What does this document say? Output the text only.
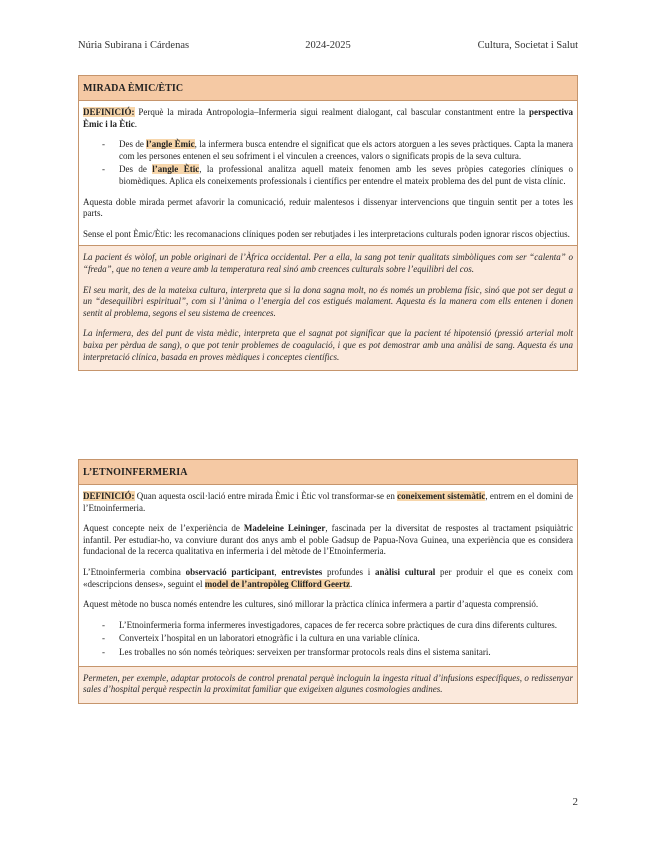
Núria Subirana i Cárdenas	2024-2025	Cultura, Societat i Salut
MIRADA ÈMIC/ÈTIC

DEFINICIÓ: Perquè la mirada Antropologia–Infermeria sigui realment dialogant, cal bascular constantment entre la perspectiva Èmic i la Ètic.

- Des de l’angle Èmic, la infermera busca entendre el significat que els actors atorguen a les seves pràctiques. Capta la manera com les persones entenen el seu sofriment i el vinculen a creences, valors o significats propis de la seva cultura.
- Des de l’angle Ètic, la professional analitza aquell mateix fenomen amb les seves pròpies categories clíniques o biomèdiques. Aplica els coneixements professionals i científics per entendre el mateix problema des del punt de vista clínic.

Aquesta doble mirada permet afavorir la comunicació, reduir malentesos i dissenyar intervencions que tinguin sentit per a totes les parts.

Sense el pont Èmic/Ètic: les recomanacions clíniques poden ser rebutjades i les interpretacions culturals poden ignorar riscos objectius.

La pacient és wòlof, un poble originari de l’Àfrica occidental. Per a ella, la sang pot tenir qualitats simbòliques com ser “calenta” o “freda”, que no tenen a veure amb la temperatura real sinó amb creences culturals sobre l’equilibri del cos.

El seu marit, des de la mateixa cultura, interpreta que si la dona sagna molt, no és només un problema físic, sinó que pot ser degut a un “desequilibri espiritual”, com si l’ànima o l’energia del cos estigués malament. Aquesta és la manera com ells entenen i donen sentit al problema, segons el seu sistema de creences.

La infermera, des del punt de vista mèdic, interpreta que el sagnat pot significar que la pacient té hipotensió (pressió arterial molt baixa per pèrdua de sang), o que pot tenir problemes de coagulació, i que es pot demostrar amb una anàlisi de sang. Aquesta és una interpretació clínica, basada en proves mèdiques i conceptes científics.

L’ETNOINFERMERIA

DEFINICIÓ: Quan aquesta oscil·lació entre mirada Èmic i Ètic vol transformar-se en coneixement sistemàtic, entrem en el domini de l’Etnoinfermeria.

Aquest concepte neix de l’experiència de Madeleine Leininger, fascinada per la diversitat de respostes al tractament psiquiàtric infantil. Per estudiar-ho, va conviure durant dos anys amb el poble Gadsup de Papua-Nova Guinea, una experiència que es considera fundacional de la recerca qualitativa en infermeria i del mètode de l’Etnoinfermeria.

L’Etnoinfermeria combina observació participant, entrevistes profundes i anàlisi cultural per produir el que es coneix com «descripcions denses», seguint el model de l’antropòleg Clifford Geertz.

Aquest mètode no busca només entendre les cultures, sinó millorar la pràctica clínica infermera a partir d’aquesta comprensió.

- L’Etnoinfermeria forma infermeres investigadores, capaces de fer recerca sobre pràctiques de cura dins diferents cultures.
- Converteix l’hospital en un laboratori etnogràfic i la cultura en una variable clínica.
- Les troballes no són només teòriques: serveixen per transformar protocols reals dins el sistema sanitari.

Permeten, per exemple, adaptar protocols de control prenatal perquè incloguin la ingesta ritual d’infusions específiques, o redissenyar sales d’hospital perquè respectin la proximitat familiar que exigeixen algunes cosmologies andines.

2
